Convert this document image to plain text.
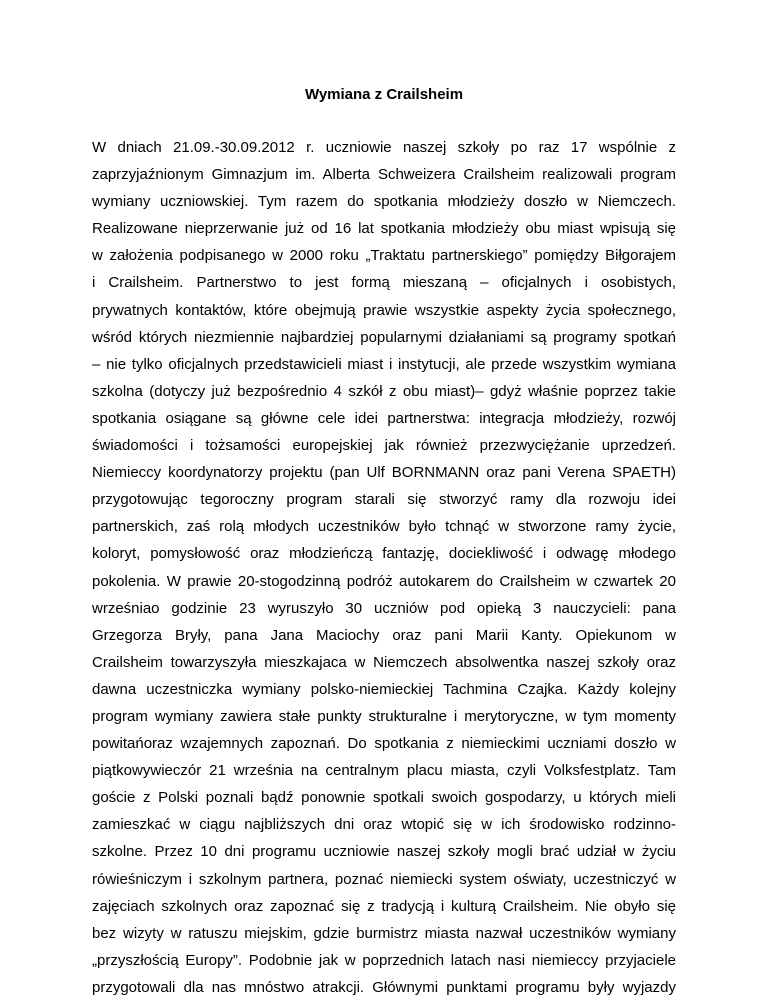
Wymiana z Crailsheim
W dniach 21.09.-30.09.2012 r. uczniowie naszej szkoły po raz 17 wspólnie z
zaprzyjaźnionym Gimnazjum im. Alberta Schweizera Crailsheim realizowali program
wymiany uczniowskiej. Tym razem do spotkania młodzieży doszło w Niemczech.
Realizowane nieprzerwanie już od 16 lat spotkania młodzieży obu miast wpisują się
w założenia podpisanego w 2000 roku „Traktatu partnerskiego” pomiędzy Biłgorajem
i Crailsheim. Partnerstwo to jest formą mieszaną – oficjalnych i osobistych,
prywatnych kontaktów, które obejmują prawie wszystkie aspekty życia społecznego,
wśród których niezmiennie najbardziej popularnymi działaniami są programy spotkań
– nie tylko oficjalnych przedstawicieli miast i instytucji, ale przede wszystkim wymiana
szkolna (dotyczy już bezpośrednio 4 szkół z obu miast)– gdyż właśnie poprzez takie
spotkania osiągane są główne cele idei partnerstwa: integracja młodzieży, rozwój
świadomości i tożsamości europejskiej jak również przezwyciężanie uprzedzeń.
Niemieccy koordynatorzy projektu (pan Ulf BORNMANN oraz pani Verena SPAETH)
przygotowując tegoroczny program starali się stworzyć ramy dla rozwoju idei
partnerskich, zaś rolą młodych uczestników było tchnąć w stworzone ramy życie,
koloryt, pomysłowość oraz młodzieńczą fantazję, dociekliwość i odwagę młodego
pokolenia. W prawie 20-stogodzinną podróż autokarem do Crailsheim w czwartek 20
wrześniao godzinie 23 wyruszyło 30 uczniów pod opieką 3 nauczycieli: pana
Grzegorza Bryły, pana Jana Maciochy oraz pani Marii Kanty. Opiekunom w
Crailsheim towarzyszyła mieszkajaca w Niemczech absolwentka naszej szkoły oraz
dawna uczestniczka wymiany polsko-niemieckiej Tachmina Czajka. Każdy kolejny
program wymiany zawiera stałe punkty strukturalne i merytoryczne, w tym momenty
powitańoraz wzajemnych zapoznań. Do spotkania z niemieckimi uczniami doszło w
piątkowywieczór 21 września na centralnym placu miasta, czyli Volksfestplatz. Tam
goście z Polski poznali bądź ponownie spotkali swoich gospodarzy, u których mieli
zamieszkać w ciągu najbliższych dni oraz wtopić się w ich środowisko rodzinno-
szkolne. Przez 10 dni programu uczniowie naszej szkoły mogli brać udział w życiu
rówieśniczym i szkolnym partnera, poznać niemiecki system oświaty, uczestniczyć w
zajęciach szkolnych oraz zapoznać się z tradycją i kulturą Crailsheim. Nie obyło się
bez wizyty w ratuszu miejskim, gdzie burmistrz miasta nazwał uczestników wymiany
„przyszłością Europy”. Podobnie jak w poprzednich latach nasi niemieccy przyjaciele
przygotowali dla nas mnóstwo atrakcji. Głównymi punktami programu były wyjazdy
